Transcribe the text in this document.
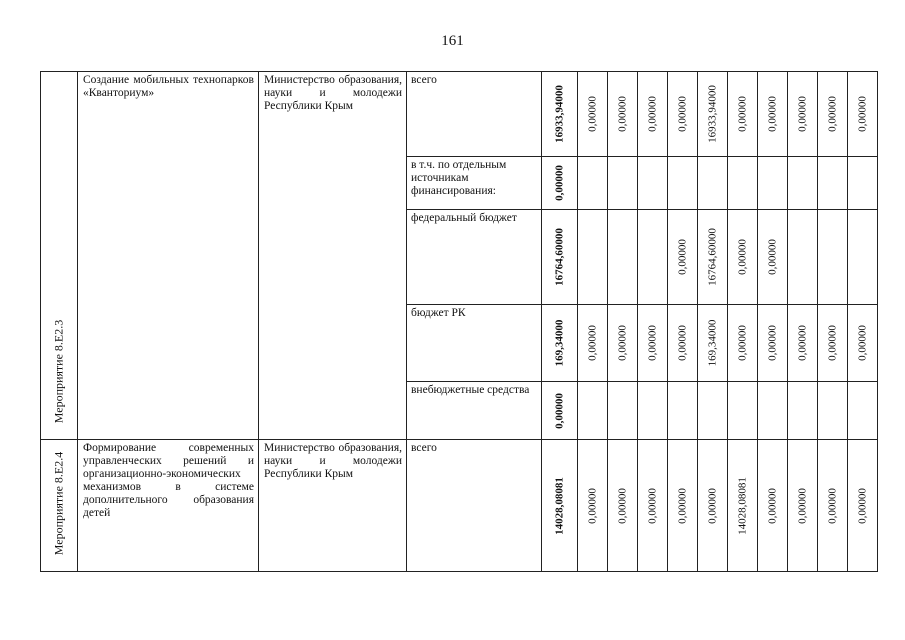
161
Мероприятие 8.Е2.3	Создание мобильных технопарков «Кванториум»	Министерство образования, науки и молодежи Республики Крым	всего	16933,94000	0,00000	0,00000	0,00000	0,00000	16933,94000	0,00000	0,00000	0,00000	0,00000	0,00000

			в т.ч. по отдельным источникам финансирования:	0,00000										

			федеральный бюджет	16764,60000				0,00000	16764,60000	0,00000	0,00000			

			бюджет РК	169,34000	0,00000	0,00000	0,00000	0,00000	169,34000	0,00000	0,00000	0,00000	0,00000	0,00000

			внебюджетные средства	0,00000										

Мероприятие 8.Е2.4	Формирование современных управленческих решений и организационно-экономических механизмов в системе дополнительного образования детей	Министерство образования, науки и молодежи Республики Крым	всего	14028,08081	0,00000	0,00000	0,00000	0,00000	0,00000	14028,08081	0,00000	0,00000	0,00000	0,00000
